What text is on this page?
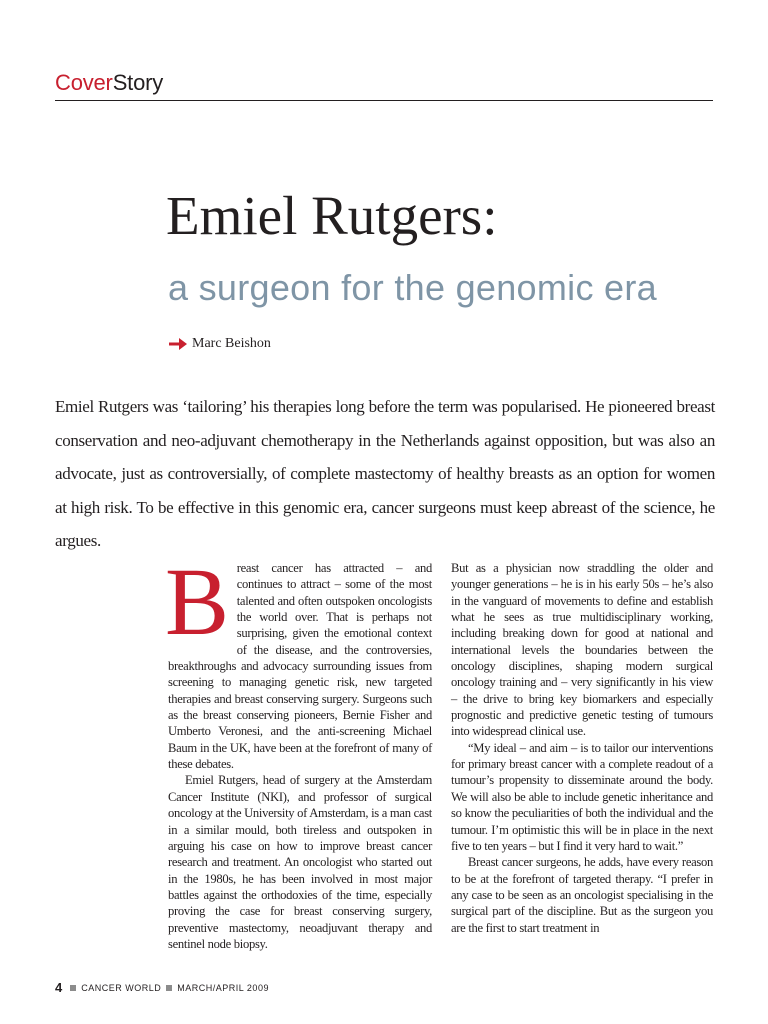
CoverStory
Emiel Rutgers:
a surgeon for the genomic era
Marc Beishon

Emiel Rutgers was ‘tailoring’ his therapies long before the term was popularised. He pioneered breast conservation and neo-adjuvant chemotherapy in the Netherlands against opposition, but was also an advocate, just as controversially, of complete mastectomy of healthy breasts as an option for women at high risk. To be effective in this genomic era, cancer surgeons must keep abreast of the science, he argues.

Breast cancer has attracted – and continues to attract – some of the most talented and often outspoken oncologists the world over. That is perhaps not surprising, given the emotional context of the disease, and the controversies, breakthroughs and advocacy surrounding issues from screening to managing genetic risk, new targeted therapies and breast conserving surgery. Surgeons such as the breast conserving pioneers, Bernie Fisher and Umberto Veronesi, and the anti-screening Michael Baum in the UK, have been at the forefront of many of these debates.

Emiel Rutgers, head of surgery at the Amsterdam Cancer Institute (NKI), and professor of surgical oncology at the University of Amsterdam, is a man cast in a similar mould, both tireless and outspoken in arguing his case on how to improve breast cancer research and treatment. An oncologist who started out in the 1980s, he has been involved in most major battles against the orthodoxies of the time, especially proving the case for breast conserving surgery, preventive mastectomy, neoadjuvant therapy and sentinel node biopsy.

But as a physician now straddling the older and younger generations – he is in his early 50s – he’s also in the vanguard of movements to define and establish what he sees as true multidisciplinary working, including breaking down for good at national and international levels the boundaries between the oncology disciplines, shaping modern surgical oncology training and – very significantly in his view – the drive to bring key biomarkers and especially prognostic and predictive genetic testing of tumours into widespread clinical use.

“My ideal – and aim – is to tailor our interventions for primary breast cancer with a complete readout of a tumour’s propensity to disseminate around the body. We will also be able to include genetic inheritance and so know the peculiarities of both the individual and the tumour. I’m optimistic this will be in place in the next five to ten years – but I find it very hard to wait.”

Breast cancer surgeons, he adds, have every reason to be at the forefront of targeted therapy. “I prefer in any case to be seen as an oncologist specialising in the surgical part of the discipline. But as the surgeon you are the first to start treatment in

4 CANCER WORLD MARCH/APRIL 2009
